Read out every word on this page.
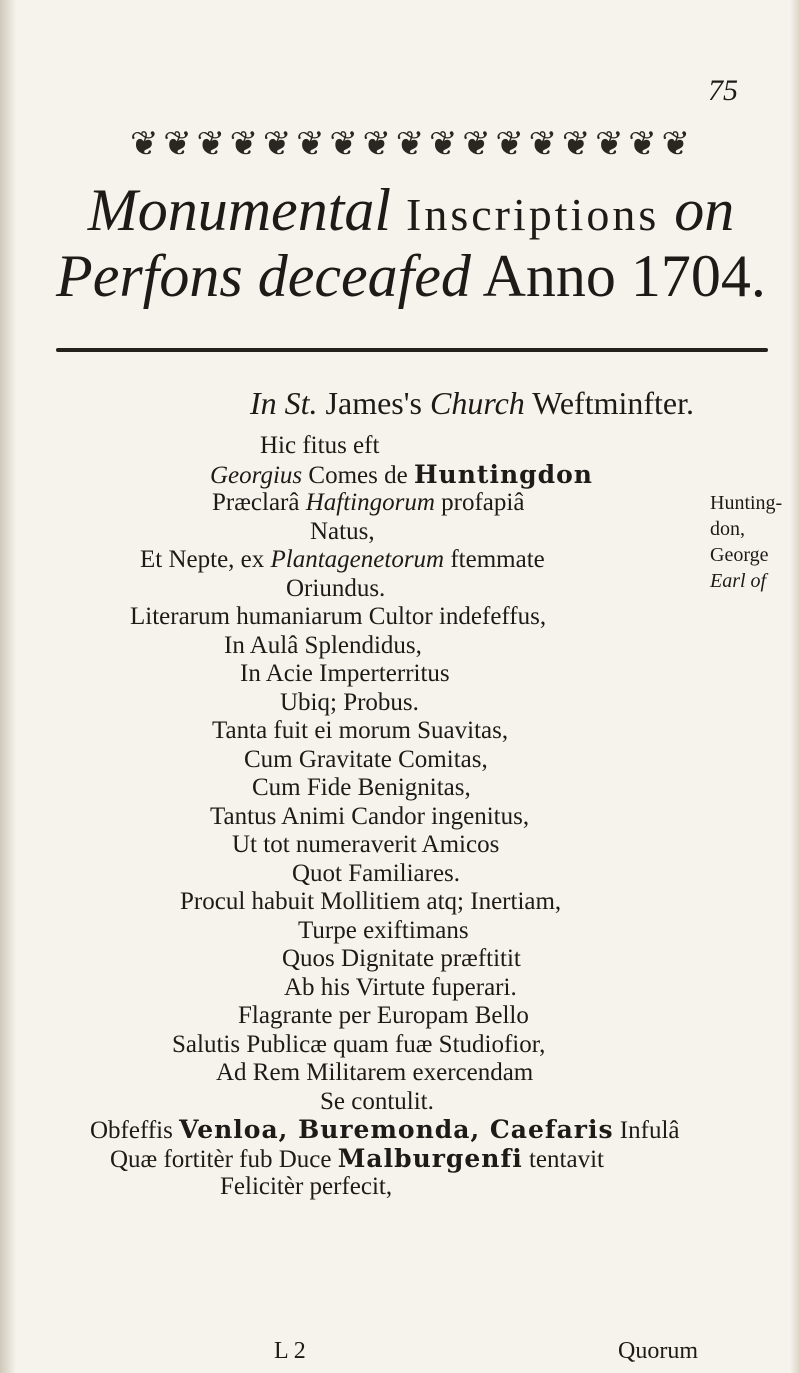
75
❦ ❦ ❦ ❦ ❦ ❦ ❦ ❦ ❦ ❦ ❦ ❦ ❦ ❦ ❦ ❦ ❦
Monumental Inscriptions on
Perfons deceafed Anno 1704.
In St. James's Church Weftminfter.
Hic fitus eft
Georgius Comes de Huntingdon
Præclarâ Haftingorum profapiâ
Natus,
Et Nepte, ex Plantagenetorum ftemmate
Oriundus.
Literarum humaniarum Cultor indefeffus,
In Aulâ Splendidus,
In Acie Imperterritus
Ubiq; Probus.
Tanta fuit ei morum Suavitas,
Cum Gravitate Comitas,
Cum Fide Benignitas,
Tantus Animi Candor ingenitus,
Ut tot numeraverit Amicos
Quot Familiares.
Procul habuit Mollitiem atq; Inertiam,
Turpe exiftimans
Quos Dignitate præftitit
Ab his Virtute fuperari.
Flagrante per Europam Bello
Salutis Publicæ quam fuæ Studiofior,
Ad Rem Militarem exercendam
Se contulit.
Obfeffis Venloa, Buremonda, Caefaris Infulâ
Quæ fortitèr fub Duce Malburgenfi tentavit
Felicitèr perfecit,
Hunting-
don,
George
Earl of
L 2	Quorum
